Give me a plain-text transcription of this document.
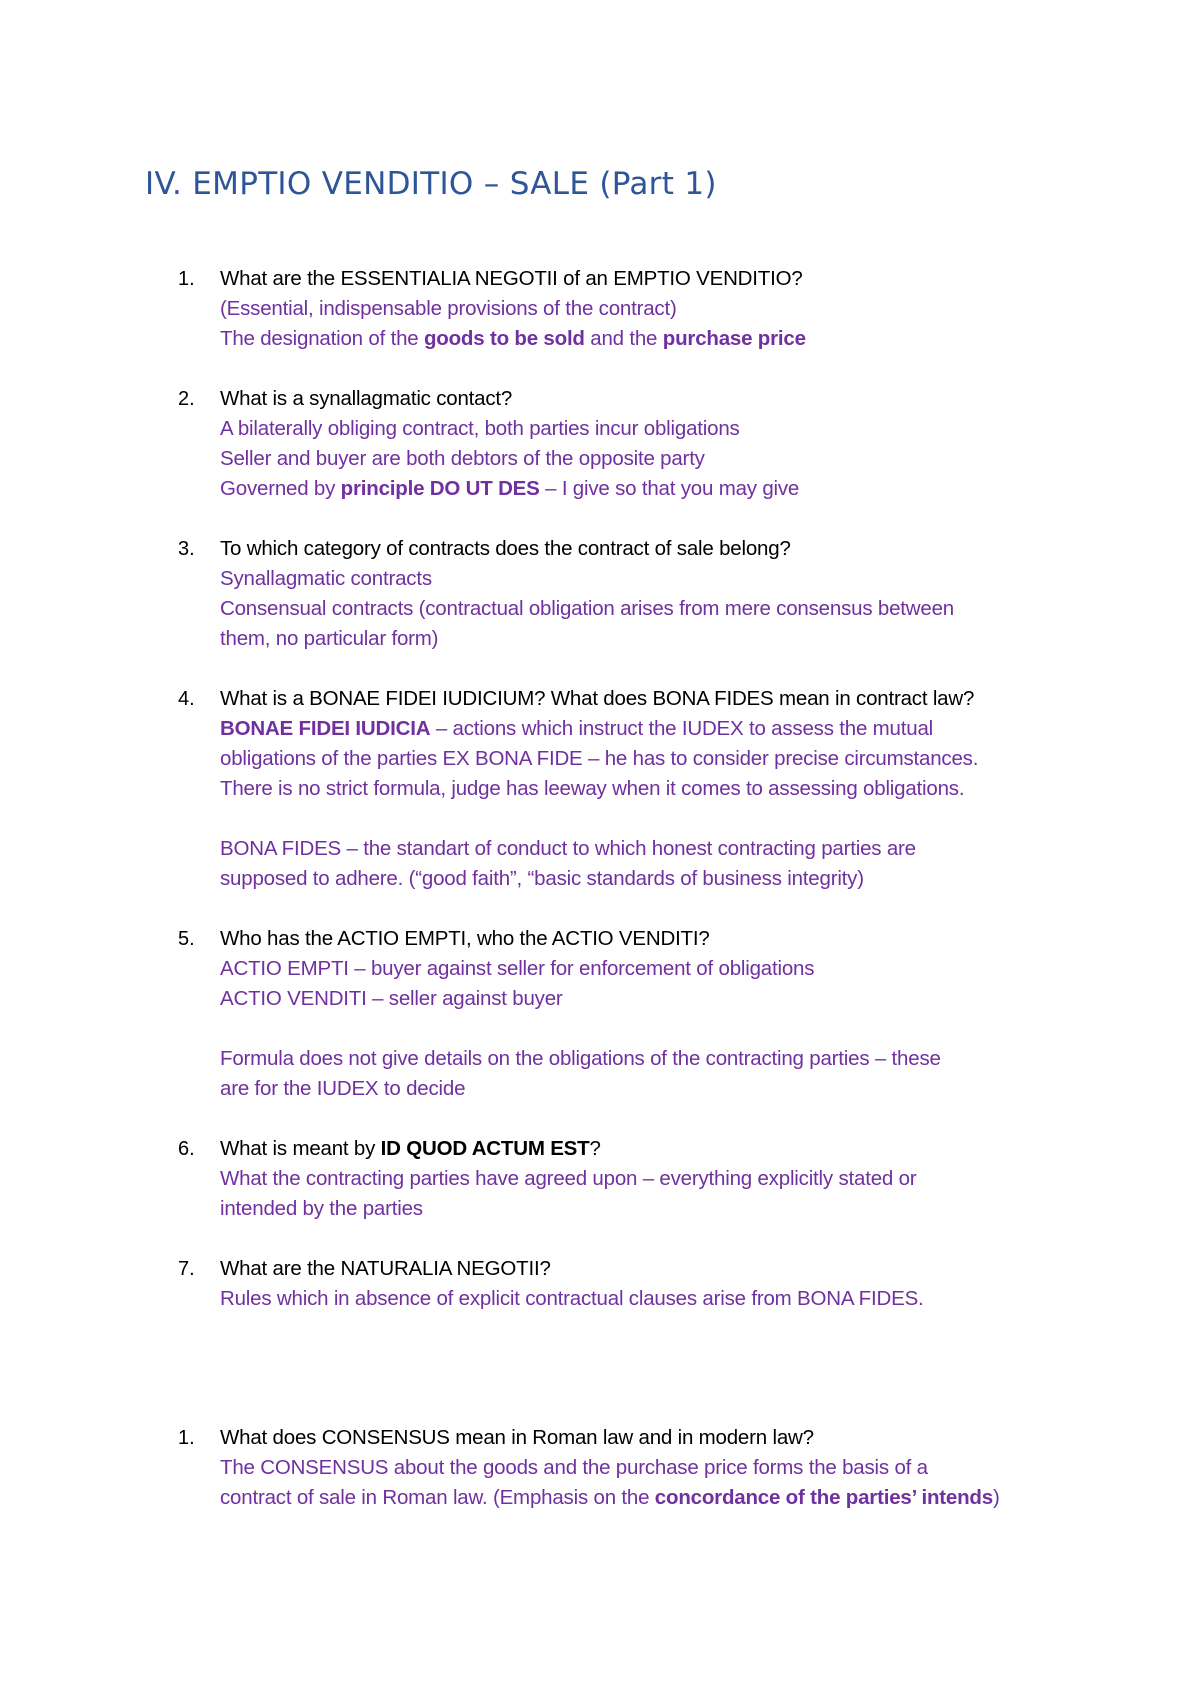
IV. EMPTIO VENDITIO – SALE (Part 1)
1. What are the ESSENTIALIA NEGOTII of an EMPTIO VENDITIO?
(Essential, indispensable provisions of the contract)
The designation of the goods to be sold and the purchase price
2. What is a synallagmatic contact?
A bilaterally obliging contract, both parties incur obligations
Seller and buyer are both debtors of the opposite party
Governed by principle DO UT DES – I give so that you may give
3. To which category of contracts does the contract of sale belong?
Synallagmatic contracts
Consensual contracts (contractual obligation arises from mere consensus between
them, no particular form)
4. What is a BONAE FIDEI IUDICIUM? What does BONA FIDES mean in contract law?
BONAE FIDEI IUDICIA – actions which instruct the IUDEX to assess the mutual
obligations of the parties EX BONA FIDE – he has to consider precise circumstances.
There is no strict formula, judge has leeway when it comes to assessing obligations.
BONA FIDES – the standart of conduct to which honest contracting parties are
supposed to adhere. (“good faith”, “basic standards of business integrity)
5. Who has the ACTIO EMPTI, who the ACTIO VENDITI?
ACTIO EMPTI – buyer against seller for enforcement of obligations
ACTIO VENDITI – seller against buyer
Formula does not give details on the obligations of the contracting parties – these
are for the IUDEX to decide
6. What is meant by ID QUOD ACTUM EST?
What the contracting parties have agreed upon – everything explicitly stated or
intended by the parties
7. What are the NATURALIA NEGOTII?
Rules which in absence of explicit contractual clauses arise from BONA FIDES.
1. What does CONSENSUS mean in Roman law and in modern law?
The CONSENSUS about the goods and the purchase price forms the basis of a
contract of sale in Roman law. (Emphasis on the concordance of the parties’ intends)
